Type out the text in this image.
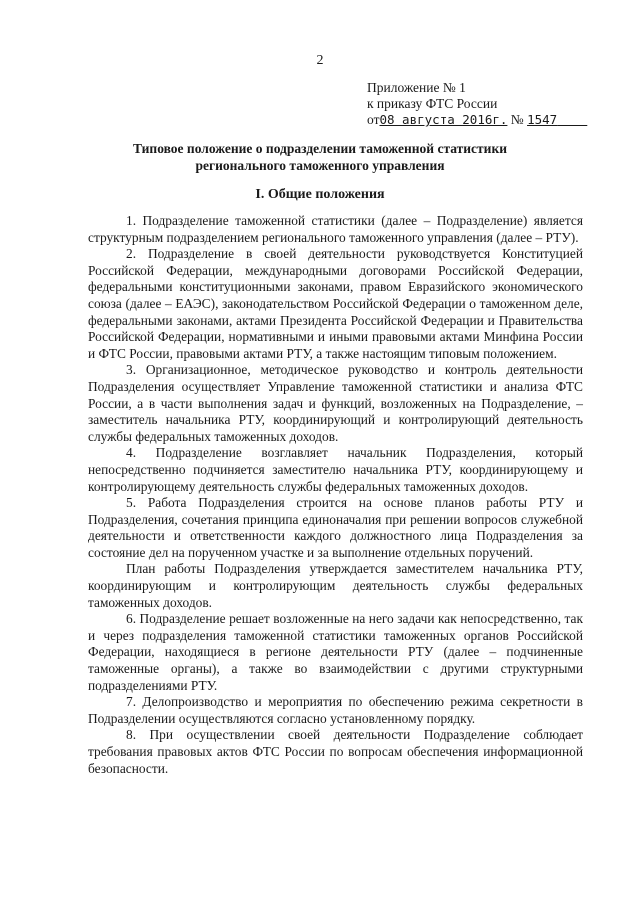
2
Приложение № 1
к приказу ФТС России
от08 августа 2016г. № 1547
Типовое положение о подразделении таможенной статистики
регионального таможенного управления
I. Общие положения

1. Подразделение таможенной статистики (далее – Подразделение) является структурным подразделением регионального таможенного управления (далее – РТУ).

2. Подразделение в своей деятельности руководствуется Конституцией Российской Федерации, международными договорами Российской Федерации, федеральными конституционными законами, правом Евразийского экономического союза (далее – ЕАЭС), законодательством Российской Федерации о таможенном деле, федеральными законами, актами Президента Российской Федерации и Правительства Российской Федерации, нормативными и иными правовыми актами Минфина России и ФТС России, правовыми актами РТУ, а также настоящим типовым положением.

3. Организационное, методическое руководство и контроль деятельности Подразделения осуществляет Управление таможенной статистики и анализа ФТС России, а в части выполнения задач и функций, возложенных на Подразделение, – заместитель начальника РТУ, координирующий и контролирующий деятельность службы федеральных таможенных доходов.

4. Подразделение возглавляет начальник Подразделения, который непосредственно подчиняется заместителю начальника РТУ, координирующему и контролирующему деятельность службы федеральных таможенных доходов.

5. Работа Подразделения строится на основе планов работы РТУ и Подразделения, сочетания принципа единоначалия при решении вопросов служебной деятельности и ответственности каждого должностного лица Подразделения за состояние дел на порученном участке и за выполнение отдельных поручений.

План работы Подразделения утверждается заместителем начальника РТУ, координирующим и контролирующим деятельность службы федеральных таможенных доходов.

6. Подразделение решает возложенные на него задачи как непосредственно, так и через подразделения таможенной статистики таможенных органов Российской Федерации, находящиеся в регионе деятельности РТУ (далее – подчиненные таможенные органы), а также во взаимодействии с другими структурными подразделениями РТУ.

7. Делопроизводство и мероприятия по обеспечению режима секретности в Подразделении осуществляются согласно установленному порядку.

8. При осуществлении своей деятельности Подразделение соблюдает требования правовых актов ФТС России по вопросам обеспечения информационной безопасности.
